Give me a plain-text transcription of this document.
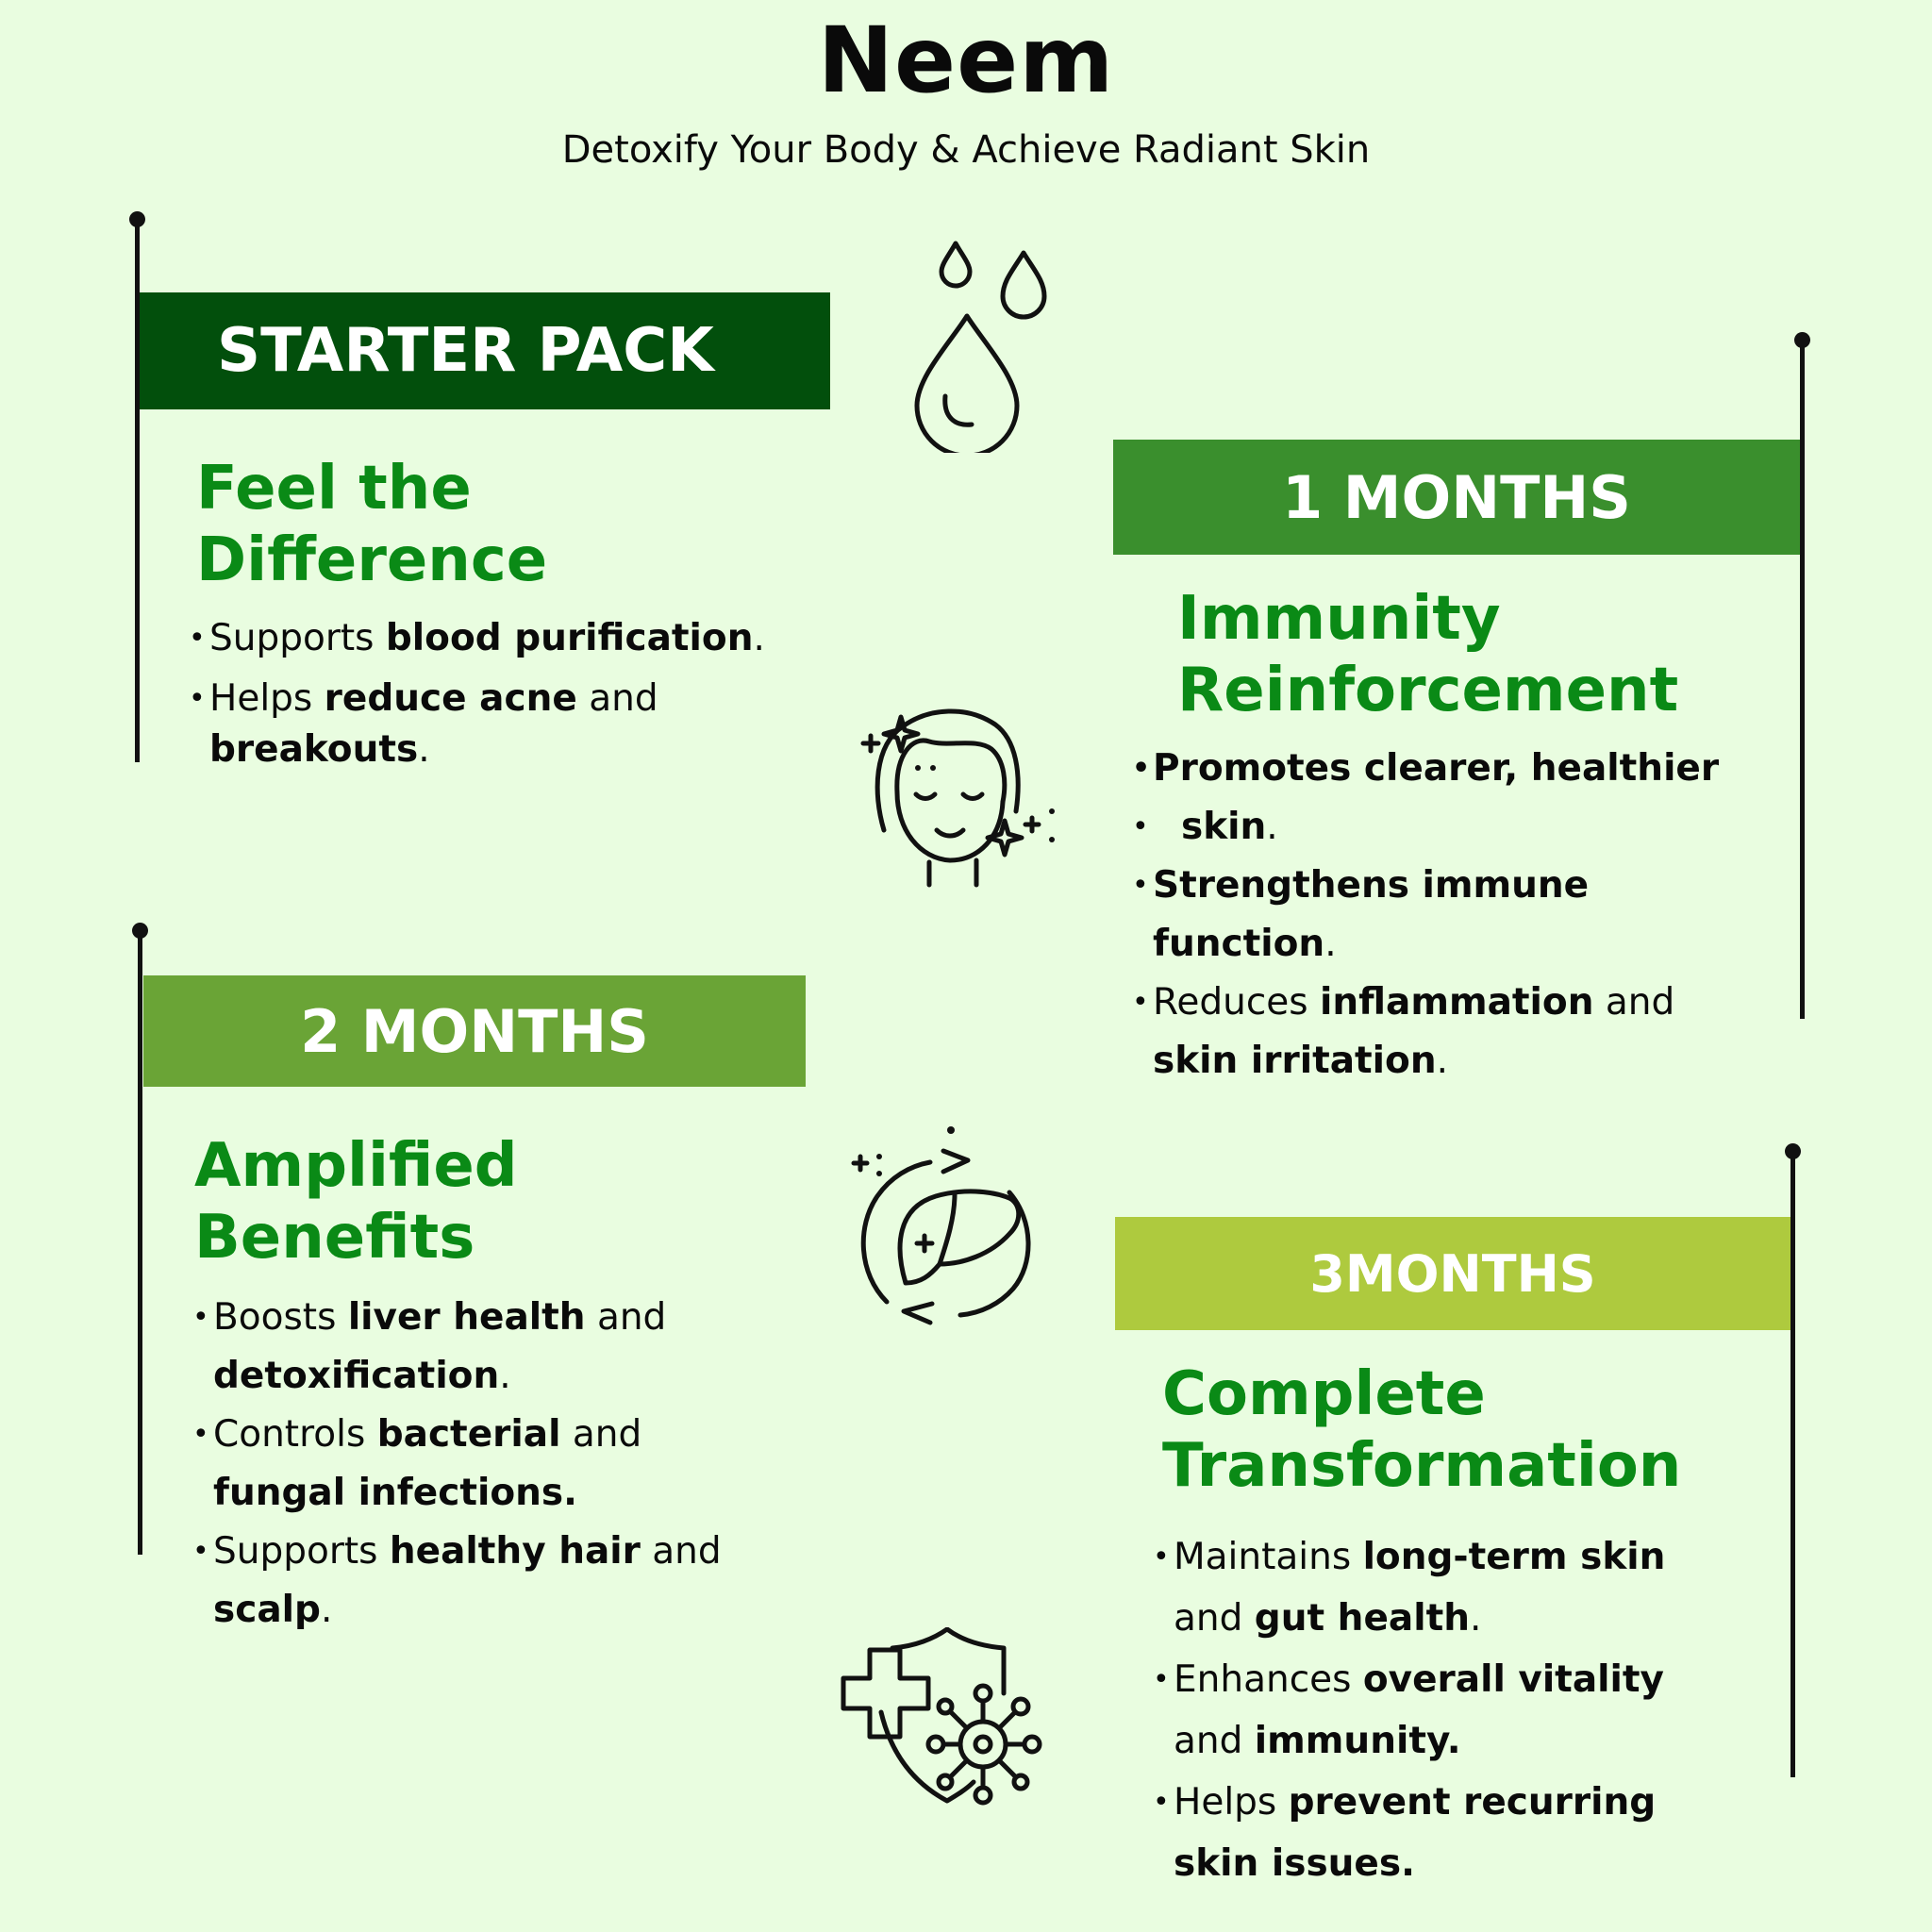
Neem
Detoxify Your Body & Achieve Radiant Skin
STARTER PACK
Feel the
Difference
• Supports blood purification.
• Helps reduce acne and
breakouts.
1 MONTHS
Immunity
Reinforcement
• Promotes clearer, healthier
• skin.
• Strengthens immune
function.
• Reduces inflammation and
skin irritation.
2 MONTHS
Amplified
Benefits
• Boosts liver health and
detoxification.
• Controls bacterial and
fungal infections.
• Supports healthy hair and
scalp.
3MONTHS
Complete
Transformation
• Maintains long-term skin
and gut health.
• Enhances overall vitality
and immunity.
• Helps prevent recurring
skin issues.
